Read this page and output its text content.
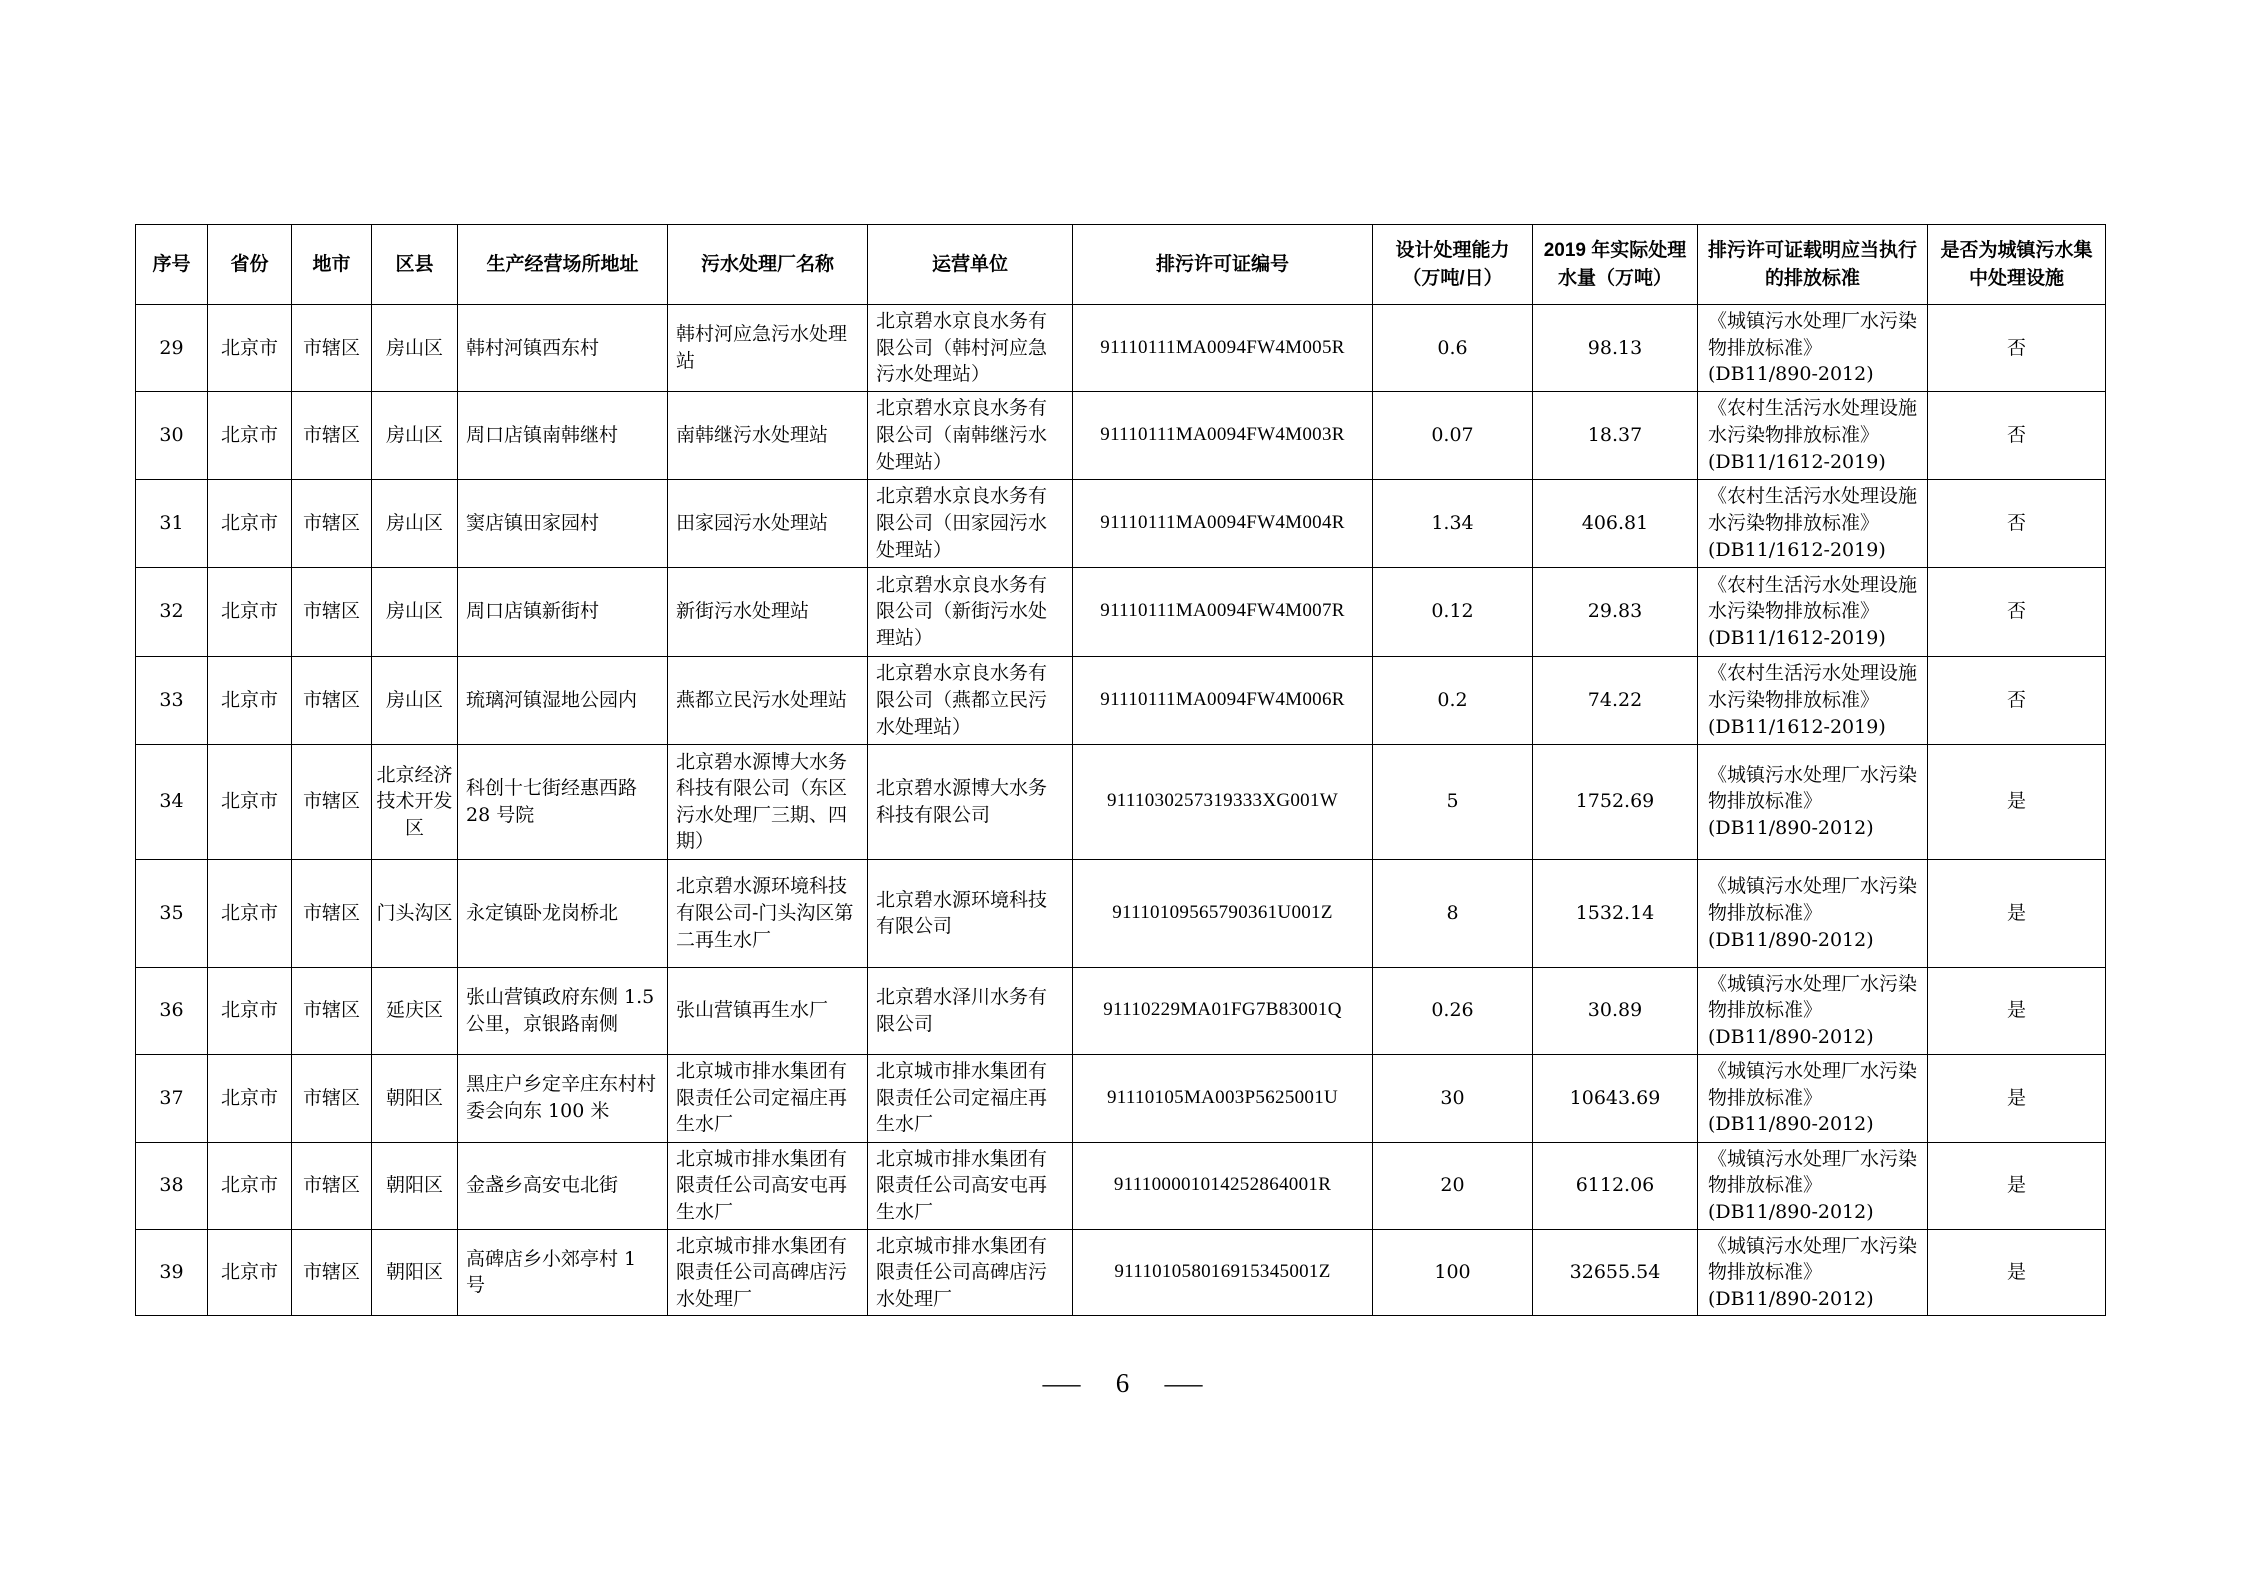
序号	省份	地市	区县	生产经营场所地址	污水处理厂名称	运营单位	排污许可证编号	设计处理能力（万吨/日）	2019 年实际处理水量（万吨）	排污许可证载明应当执行的排放标准	是否为城镇污水集中处理设施
29	北京市	市辖区	房山区	韩村河镇西东村	韩村河应急污水处理站	北京碧水京良水务有限公司（韩村河应急污水处理站）	91110111MA0094FW4M005R	0.6	98.13	《城镇污水处理厂水污染物排放标准》(DB11/890-2012)	否
30	北京市	市辖区	房山区	周口店镇南韩继村	南韩继污水处理站	北京碧水京良水务有限公司（南韩继污水处理站）	91110111MA0094FW4M003R	0.07	18.37	《农村生活污水处理设施水污染物排放标准》(DB11/1612-2019)	否
31	北京市	市辖区	房山区	窦店镇田家园村	田家园污水处理站	北京碧水京良水务有限公司（田家园污水处理站）	91110111MA0094FW4M004R	1.34	406.81	《农村生活污水处理设施水污染物排放标准》(DB11/1612-2019)	否
32	北京市	市辖区	房山区	周口店镇新街村	新街污水处理站	北京碧水京良水务有限公司（新街污水处理站）	91110111MA0094FW4M007R	0.12	29.83	《农村生活污水处理设施水污染物排放标准》(DB11/1612-2019)	否
33	北京市	市辖区	房山区	琉璃河镇湿地公园内	燕都立民污水处理站	北京碧水京良水务有限公司（燕都立民污水处理站）	91110111MA0094FW4M006R	0.2	74.22	《农村生活污水处理设施水污染物排放标准》(DB11/1612-2019)	否
34	北京市	市辖区	北京经济技术开发区	科创十七街经惠西路 28 号院	北京碧水源博大水务科技有限公司（东区污水处理厂三期、四期）	北京碧水源博大水务科技有限公司	9111030257319333XG001W	5	1752.69	《城镇污水处理厂水污染物排放标准》(DB11/890-2012)	是
35	北京市	市辖区	门头沟区	永定镇卧龙岗桥北	北京碧水源环境科技有限公司-门头沟区第二再生水厂	北京碧水源环境科技有限公司	91110109565790361U001Z	8	1532.14	《城镇污水处理厂水污染物排放标准》(DB11/890-2012)	是
36	北京市	市辖区	延庆区	张山营镇政府东侧 1.5 公里，京银路南侧	张山营镇再生水厂	北京碧水泽川水务有限公司	91110229MA01FG7B83001Q	0.26	30.89	《城镇污水处理厂水污染物排放标准》(DB11/890-2012)	是
37	北京市	市辖区	朝阳区	黑庄户乡定辛庄东村村委会向东 100 米	北京城市排水集团有限责任公司定福庄再生水厂	北京城市排水集团有限责任公司定福庄再生水厂	91110105MA003P5625001U	30	10643.69	《城镇污水处理厂水污染物排放标准》(DB11/890-2012)	是
38	北京市	市辖区	朝阳区	金盏乡高安屯北街	北京城市排水集团有限责任公司高安屯再生水厂	北京城市排水集团有限责任公司高安屯再生水厂	911100001014252864001R	20	6112.06	《城镇污水处理厂水污染物排放标准》(DB11/890-2012)	是
39	北京市	市辖区	朝阳区	高碑店乡小郊亭村 1 号	北京城市排水集团有限责任公司高碑店污水处理厂	北京城市排水集团有限责任公司高碑店污水处理厂	911101058016915345001Z	100	32655.54	《城镇污水处理厂水污染物排放标准》(DB11/890-2012)	是
— 6 —
